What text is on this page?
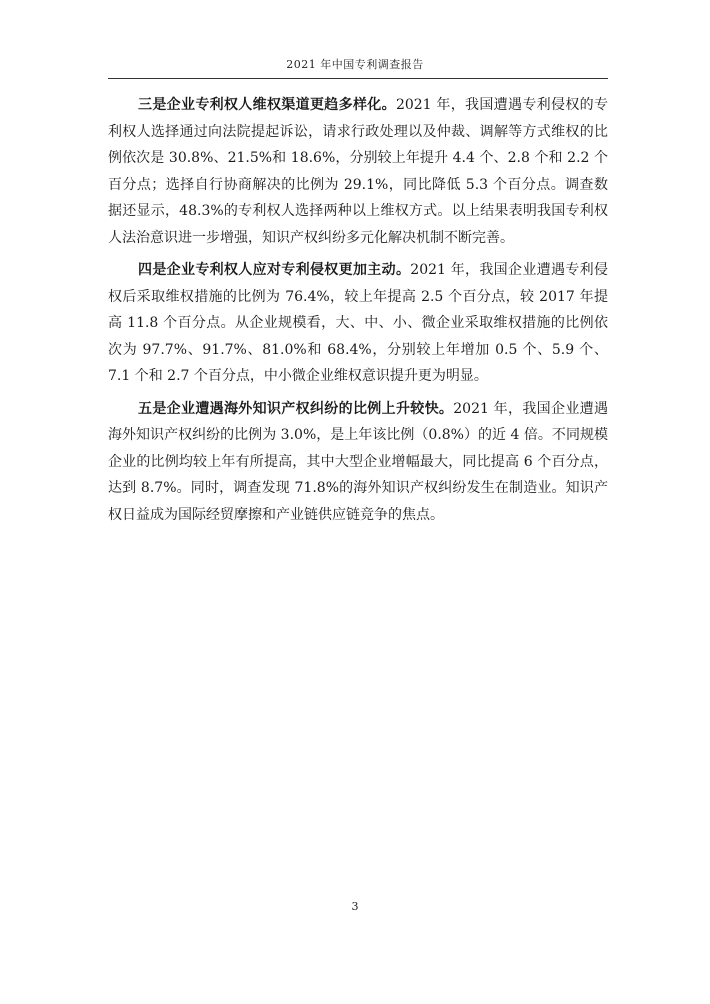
2021 年中国专利调查报告

三是企业专利权人维权渠道更趋多样化。2021 年，我国遭遇专利侵权的专利权人选择通过向法院提起诉讼，请求行政处理以及仲裁、调解等方式维权的比例依次是 30.8%、21.5%和 18.6%，分别较上年提升 4.4 个、2.8 个和 2.2 个百分点；选择自行协商解决的比例为 29.1%，同比降低 5.3 个百分点。调查数据还显示，48.3%的专利权人选择两种以上维权方式。以上结果表明我国专利权人法治意识进一步增强，知识产权纠纷多元化解决机制不断完善。

四是企业专利权人应对专利侵权更加主动。2021 年，我国企业遭遇专利侵权后采取维权措施的比例为 76.4%，较上年提高 2.5 个百分点，较 2017 年提高 11.8 个百分点。从企业规模看，大、中、小、微企业采取维权措施的比例依次为 97.7%、91.7%、81.0%和 68.4%，分别较上年增加 0.5 个、5.9 个、7.1 个和 2.7 个百分点，中小微企业维权意识提升更为明显。

五是企业遭遇海外知识产权纠纷的比例上升较快。2021 年，我国企业遭遇海外知识产权纠纷的比例为 3.0%，是上年该比例（0.8%）的近 4 倍。不同规模企业的比例均较上年有所提高，其中大型企业增幅最大，同比提高 6 个百分点，达到 8.7%。同时，调查发现 71.8%的海外知识产权纠纷发生在制造业。知识产权日益成为国际经贸摩擦和产业链供应链竞争的焦点。

3
